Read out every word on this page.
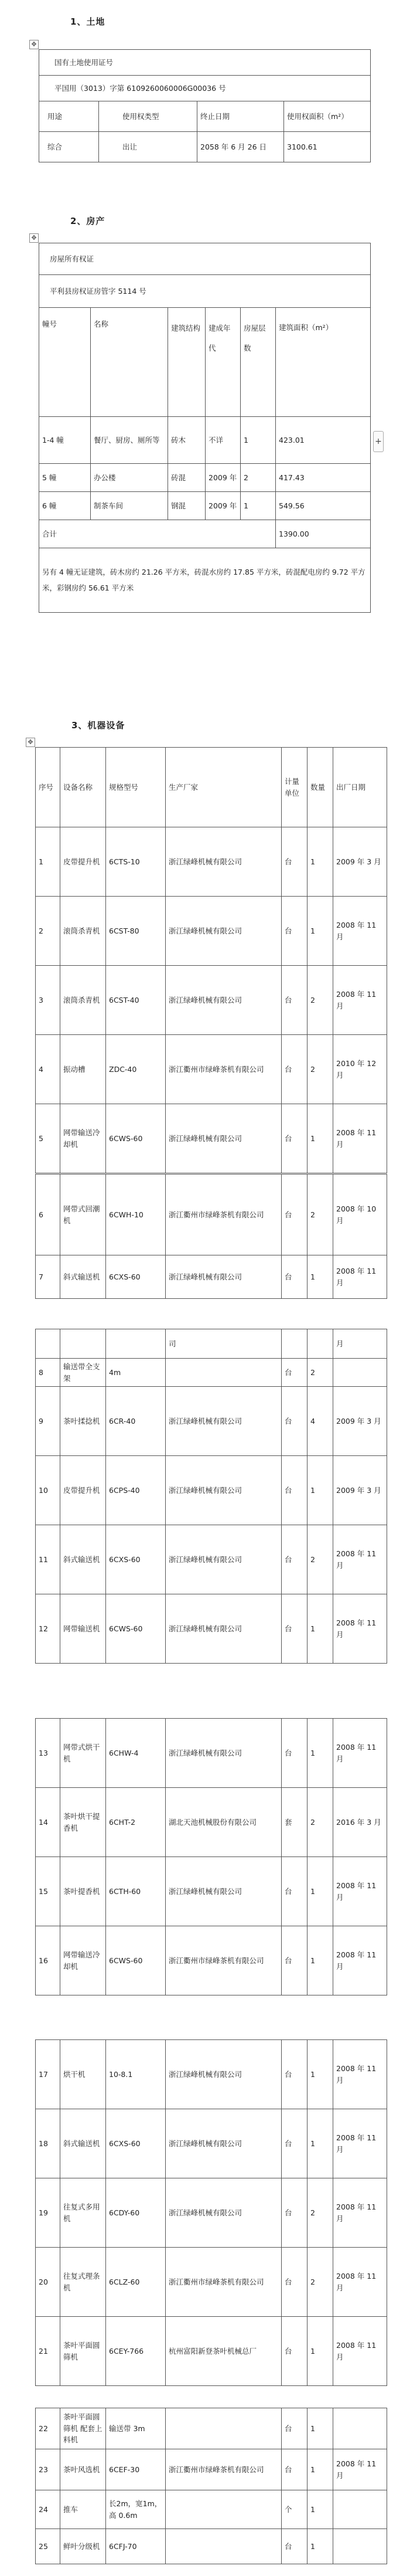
1、土地
✥
国有土地使用证号			
平国用（3013）字第 6109260060006G00036 号			
用途	使用权类型	终止日期	使用权面积（m²）
综合	出让	2058 年 6 月 26 日	3100.61
2、房产
✥
房屋所有权证					
平利县房权证房管字 5114 号					
幢号	名称	建筑结构	建成年代	房屋层数	建筑面积（m²）
1-4 幢	餐厅、厨房、厕所等	砖木	不详	1	423.01
5 幢	办公楼	砖混	2009 年	2	417.43
6 幢	制茶车间	钢混	2009 年	1	549.56
合计					1390.00
另有 4 幢无证建筑，砖木房约 21.26 平方米，砖混水房约 17.85 平方米，砖混配电房约 9.72 平方米，彩钢房约 56.61 平方米					
+
3、机器设备
✥
序号	设备名称	规格型号	生产厂家	计量单位	数量	出厂日期
1	皮带提升机	6CTS-10	浙江绿峰机械有限公司	台	1	2009 年 3 月
2	滚筒杀青机	6CST-80	浙江绿峰机械有限公司	台	1	2008 年 11 月
3	滚筒杀青机	6CST-40	浙江绿峰机械有限公司	台	2	2008 年 11 月
4	振动槽	ZDC-40	浙江衢州市绿峰茶机有限公司	台	2	2010 年 12 月
5	网带输送冷却机	6CWS-60	浙江绿峰机械有限公司	台	1	2008 年 11 月
6	网带式回潮机	6CWH-10	浙江衢州市绿峰茶机有限公司	台	2	2008 年 10 月
7	斜式输送机	6CXS-60	浙江绿峰机械有限公司	台	1	2008 年 11 月
			司			月
8	输送带全支架	4m		台	2	
9	茶叶揉捻机	6CR-40	浙江绿峰机械有限公司	台	4	2009 年 3 月
10	皮带提升机	6CPS-40	浙江绿峰机械有限公司	台	1	2009 年 3 月
11	斜式输送机	6CXS-60	浙江绿峰机械有限公司	台	2	2008 年 11 月
12	网带输送机	6CWS-60	浙江绿峰机械有限公司	台	1	2008 年 11 月
13	网带式烘干机	6CHW-4	浙江绿峰机械有限公司	台	1	2008 年 11 月
14	茶叶烘干提香机	6CHT-2	湖北天池机械股份有限公司	套	2	2016 年 3 月
15	茶叶提香机	6CTH-60	浙江绿峰机械有限公司	台	1	2008 年 11 月
16	网带输送冷却机	6CWS-60	浙江衢州市绿峰茶机有限公司	台	1	2008 年 11 月
17	烘干机	10-8.1	浙江绿峰机械有限公司	台	1	2008 年 11 月
18	斜式输送机	6CXS-60	浙江绿峰机械有限公司	台	1	2008 年 11 月
19	往复式多用机	6CDY-60	浙江绿峰机械有限公司	台	2	2008 年 11 月
20	往复式理条机	6CLZ-60	浙江衢州市绿峰茶机有限公司	台	2	2008 年 11 月
21	茶叶平面圆筛机	6CEY-766	杭州富阳新登茶叶机械总厂	台	1	2008 年 11 月
22	茶叶平面圆筛机 配套上料机	输送带 3m		台	1	
23	茶叶风选机	6CEF-30	浙江衢州市绿峰茶机有限公司	台	1	2008 年 11 月
24	推车	长2m，宽1m，高 0.6m		个	1	
25	鲜叶分级机	6CFJ-70		台	1	
